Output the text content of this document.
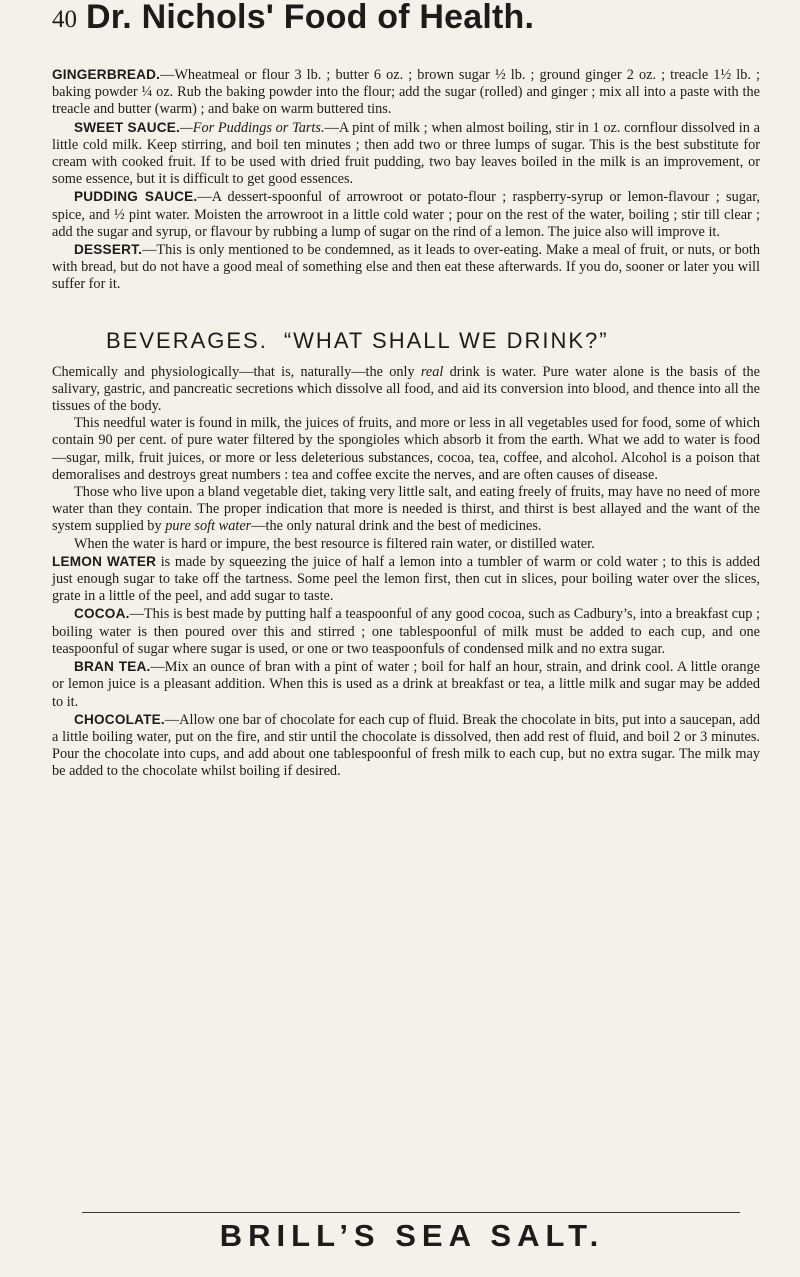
40 Dr. Nichols' Food of Health.

GINGERBREAD.—Wheatmeal or flour 3 lb. ; butter 6 oz. ; brown sugar ½ lb. ; ground ginger 2 oz. ; treacle 1½ lb. ; baking powder ¼ oz. Rub the baking powder into the flour; add the sugar (rolled) and ginger ; mix all into a paste with the treacle and butter (warm) ; and bake on warm buttered tins.

SWEET SAUCE.—For Puddings or Tarts.—A pint of milk ; when almost boiling, stir in 1 oz. cornflour dissolved in a little cold milk. Keep stirring, and boil ten minutes ; then add two or three lumps of sugar. This is the best substitute for cream with cooked fruit. If to be used with dried fruit pudding, two bay leaves boiled in the milk is an improvement, or some essence, but it is difficult to get good essences.

PUDDING SAUCE.—A dessert-spoonful of arrowroot or potato-flour ; raspberry-syrup or lemon-flavour ; sugar, spice, and ½ pint water. Moisten the arrowroot in a little cold water ; pour on the rest of the water, boiling ; stir till clear ; add the sugar and syrup, or flavour by rubbing a lump of sugar on the rind of a lemon. The juice also will improve it.

DESSERT.—This is only mentioned to be condemned, as it leads to over-eating. Make a meal of fruit, or nuts, or both with bread, but do not have a good meal of something else and then eat these afterwards. If you do, sooner or later you will suffer for it.

BEVERAGES. “WHAT SHALL WE DRINK?”

Chemically and physiologically—that is, naturally—the only real drink is water. Pure water alone is the basis of the salivary, gastric, and pancreatic secretions which dissolve all food, and aid its conversion into blood, and thence into all the tissues of the body.

This needful water is found in milk, the juices of fruits, and more or less in all vegetables used for food, some of which contain 90 per cent. of pure water filtered by the spongioles which absorb it from the earth. What we add to water is food —sugar, milk, fruit juices, or more or less deleterious substances, cocoa, tea, coffee, and alcohol. Alcohol is a poison that demoralises and destroys great numbers : tea and coffee excite the nerves, and are often causes of disease.

Those who live upon a bland vegetable diet, taking very little salt, and eating freely of fruits, may have no need of more water than they contain. The proper indication that more is needed is thirst, and thirst is best allayed and the want of the system supplied by pure soft water—the only natural drink and the best of medicines.

When the water is hard or impure, the best resource is filtered rain water, or distilled water.

LEMON WATER is made by squeezing the juice of half a lemon into a tumbler of warm or cold water ; to this is added just enough sugar to take off the tartness. Some peel the lemon first, then cut in slices, pour boiling water over the slices, grate in a little of the peel, and add sugar to taste.

COCOA.—This is best made by putting half a teaspoonful of any good cocoa, such as Cadbury’s, into a breakfast cup ; boiling water is then poured over this and stirred ; one tablespoonful of milk must be added to each cup, and one teaspoonful of sugar where sugar is used, or one or two teaspoonfuls of condensed milk and no extra sugar.

BRAN TEA.—Mix an ounce of bran with a pint of water ; boil for half an hour, strain, and drink cool. A little orange or lemon juice is a pleasant addition. When this is used as a drink at breakfast or tea, a little milk and sugar may be added to it.

CHOCOLATE.—Allow one bar of chocolate for each cup of fluid. Break the chocolate in bits, put into a saucepan, add a little boiling water, put on the fire, and stir until the chocolate is dissolved, then add rest of fluid, and boil 2 or 3 minutes. Pour the chocolate into cups, and add about one tablespoonful of fresh milk to each cup, but no extra sugar. The milk may be added to the chocolate whilst boiling if desired.

BRILL’S SEA SALT.
